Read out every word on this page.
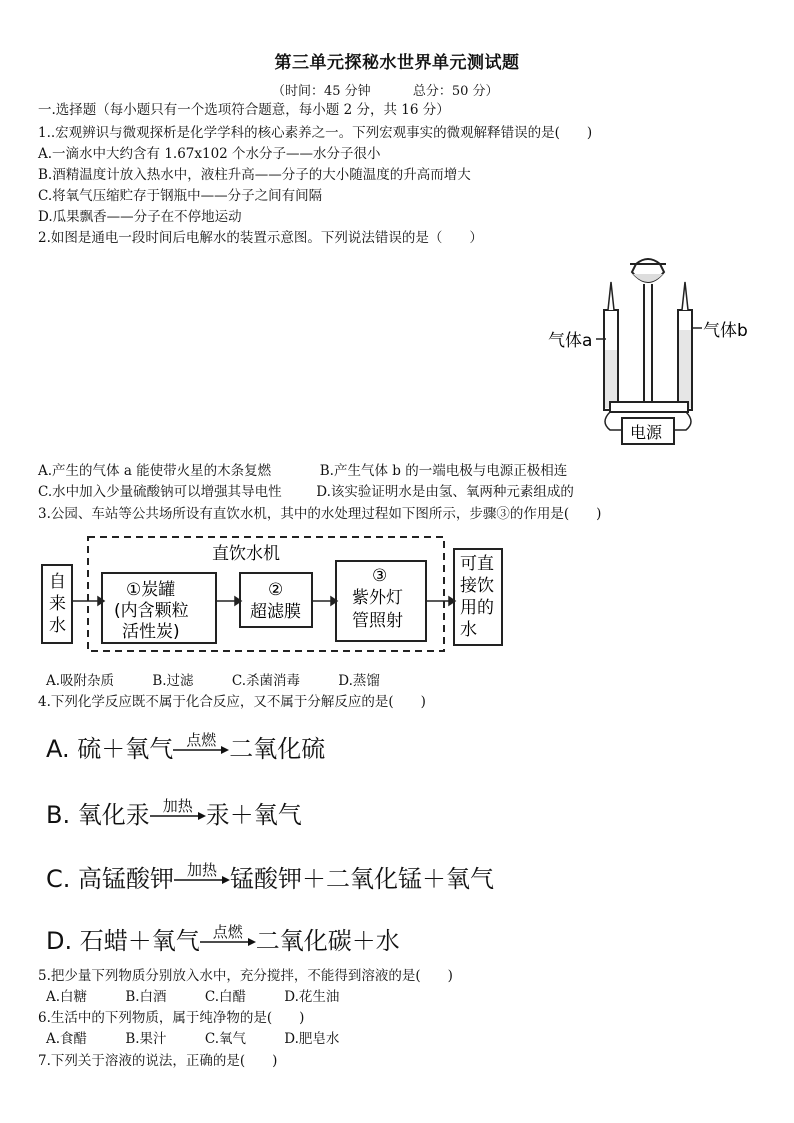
第三单元探秘水世界单元测试题
（时间：45 分钟	总分：50 分）
一.选择题（每小题只有一个选项符合题意，每小题 2 分，共 16 分）
1..宏观辨识与微观探析是化学学科的核心素养之一。下列宏观事实的微观解释错误的是(　　)
A.一滴水中大约含有 1.67x102 个水分子——水分子很小
B.酒精温度计放入热水中，液柱升高——分子的大小随温度的升高而增大
C.将氧气压缩贮存于钢瓶中——分子之间有间隔
D.瓜果飘香——分子在不停地运动
2.如图是通电一段时间后电解水的装置示意图。下列说法错误的是（　　）
气体a	气体b
电源
A.产生的气体 a 能使带火星的木条复燃	B.产生气体 b 的一端电极与电源正极相连
C.水中加入少量硫酸钠可以增强其导电性	D.该实验证明水是由氢、氧两种元素组成的
3.公园、车站等公共场所设有直饮水机，其中的水处理过程如下图所示，步骤③的作用是(　　)
直饮水机
自
来
水
①炭罐
(内含颗粒
活性炭)
②
超滤膜
③
紫外灯
管照射
可直
接饮
用的
水
A.吸附杂质	B.过滤	C.杀菌消毒	D.蒸馏
4.下列化学反应既不属于化合反应，又不属于分解反应的是(　　)
A. 硫＋氧气 点燃 二氧化硫
B. 氧化汞 加热 汞＋氧气
C. 高锰酸钾 加热 锰酸钾＋二氧化锰＋氧气
D. 石蜡＋氧气 点燃 二氧化碳＋水
5.把少量下列物质分别放入水中，充分搅拌，不能得到溶液的是(　　)
A.白糖	B.白酒	C.白醋	D.花生油
6.生活中的下列物质，属于纯净物的是(　　)
A.食醋	B.果汁	C.氧气	D.肥皂水
7.下列关于溶液的说法，正确的是(　　)
